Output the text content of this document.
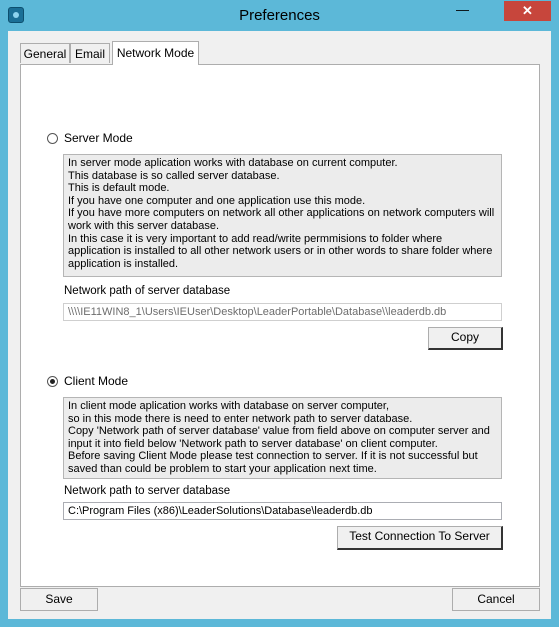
Preferences	—	✕
General Email Network Mode
Server Mode
In server mode aplication works with database on current computer.
This database is so called server database.
This is default mode.
If you have one computer and one application use this mode.
If you have more computers on network all other applications on network computers will work with this server database.
In this case it is very important to add read/write permmisions to folder where application is installed to all other network users or in other words to share folder where application is installed.
Network path of server database
\\\\IE11WIN8_1\Users\IEUser\Desktop\LeaderPortable\Database\\leaderdb.db
Copy
Client Mode
In client mode aplication works with database on server computer,
so in this mode there is need to enter network path to server database.
Copy 'Network path of server database' value from field above on computer server and input it into field below 'Network path to server database' on client computer.
Before saving Client Mode please test connection to server. If it is not successful but saved than could be problem to start your application next time.
Network path to server database
C:\Program Files (x86)\LeaderSolutions\Database\leaderdb.db
Test Connection To Server
Save	Cancel
